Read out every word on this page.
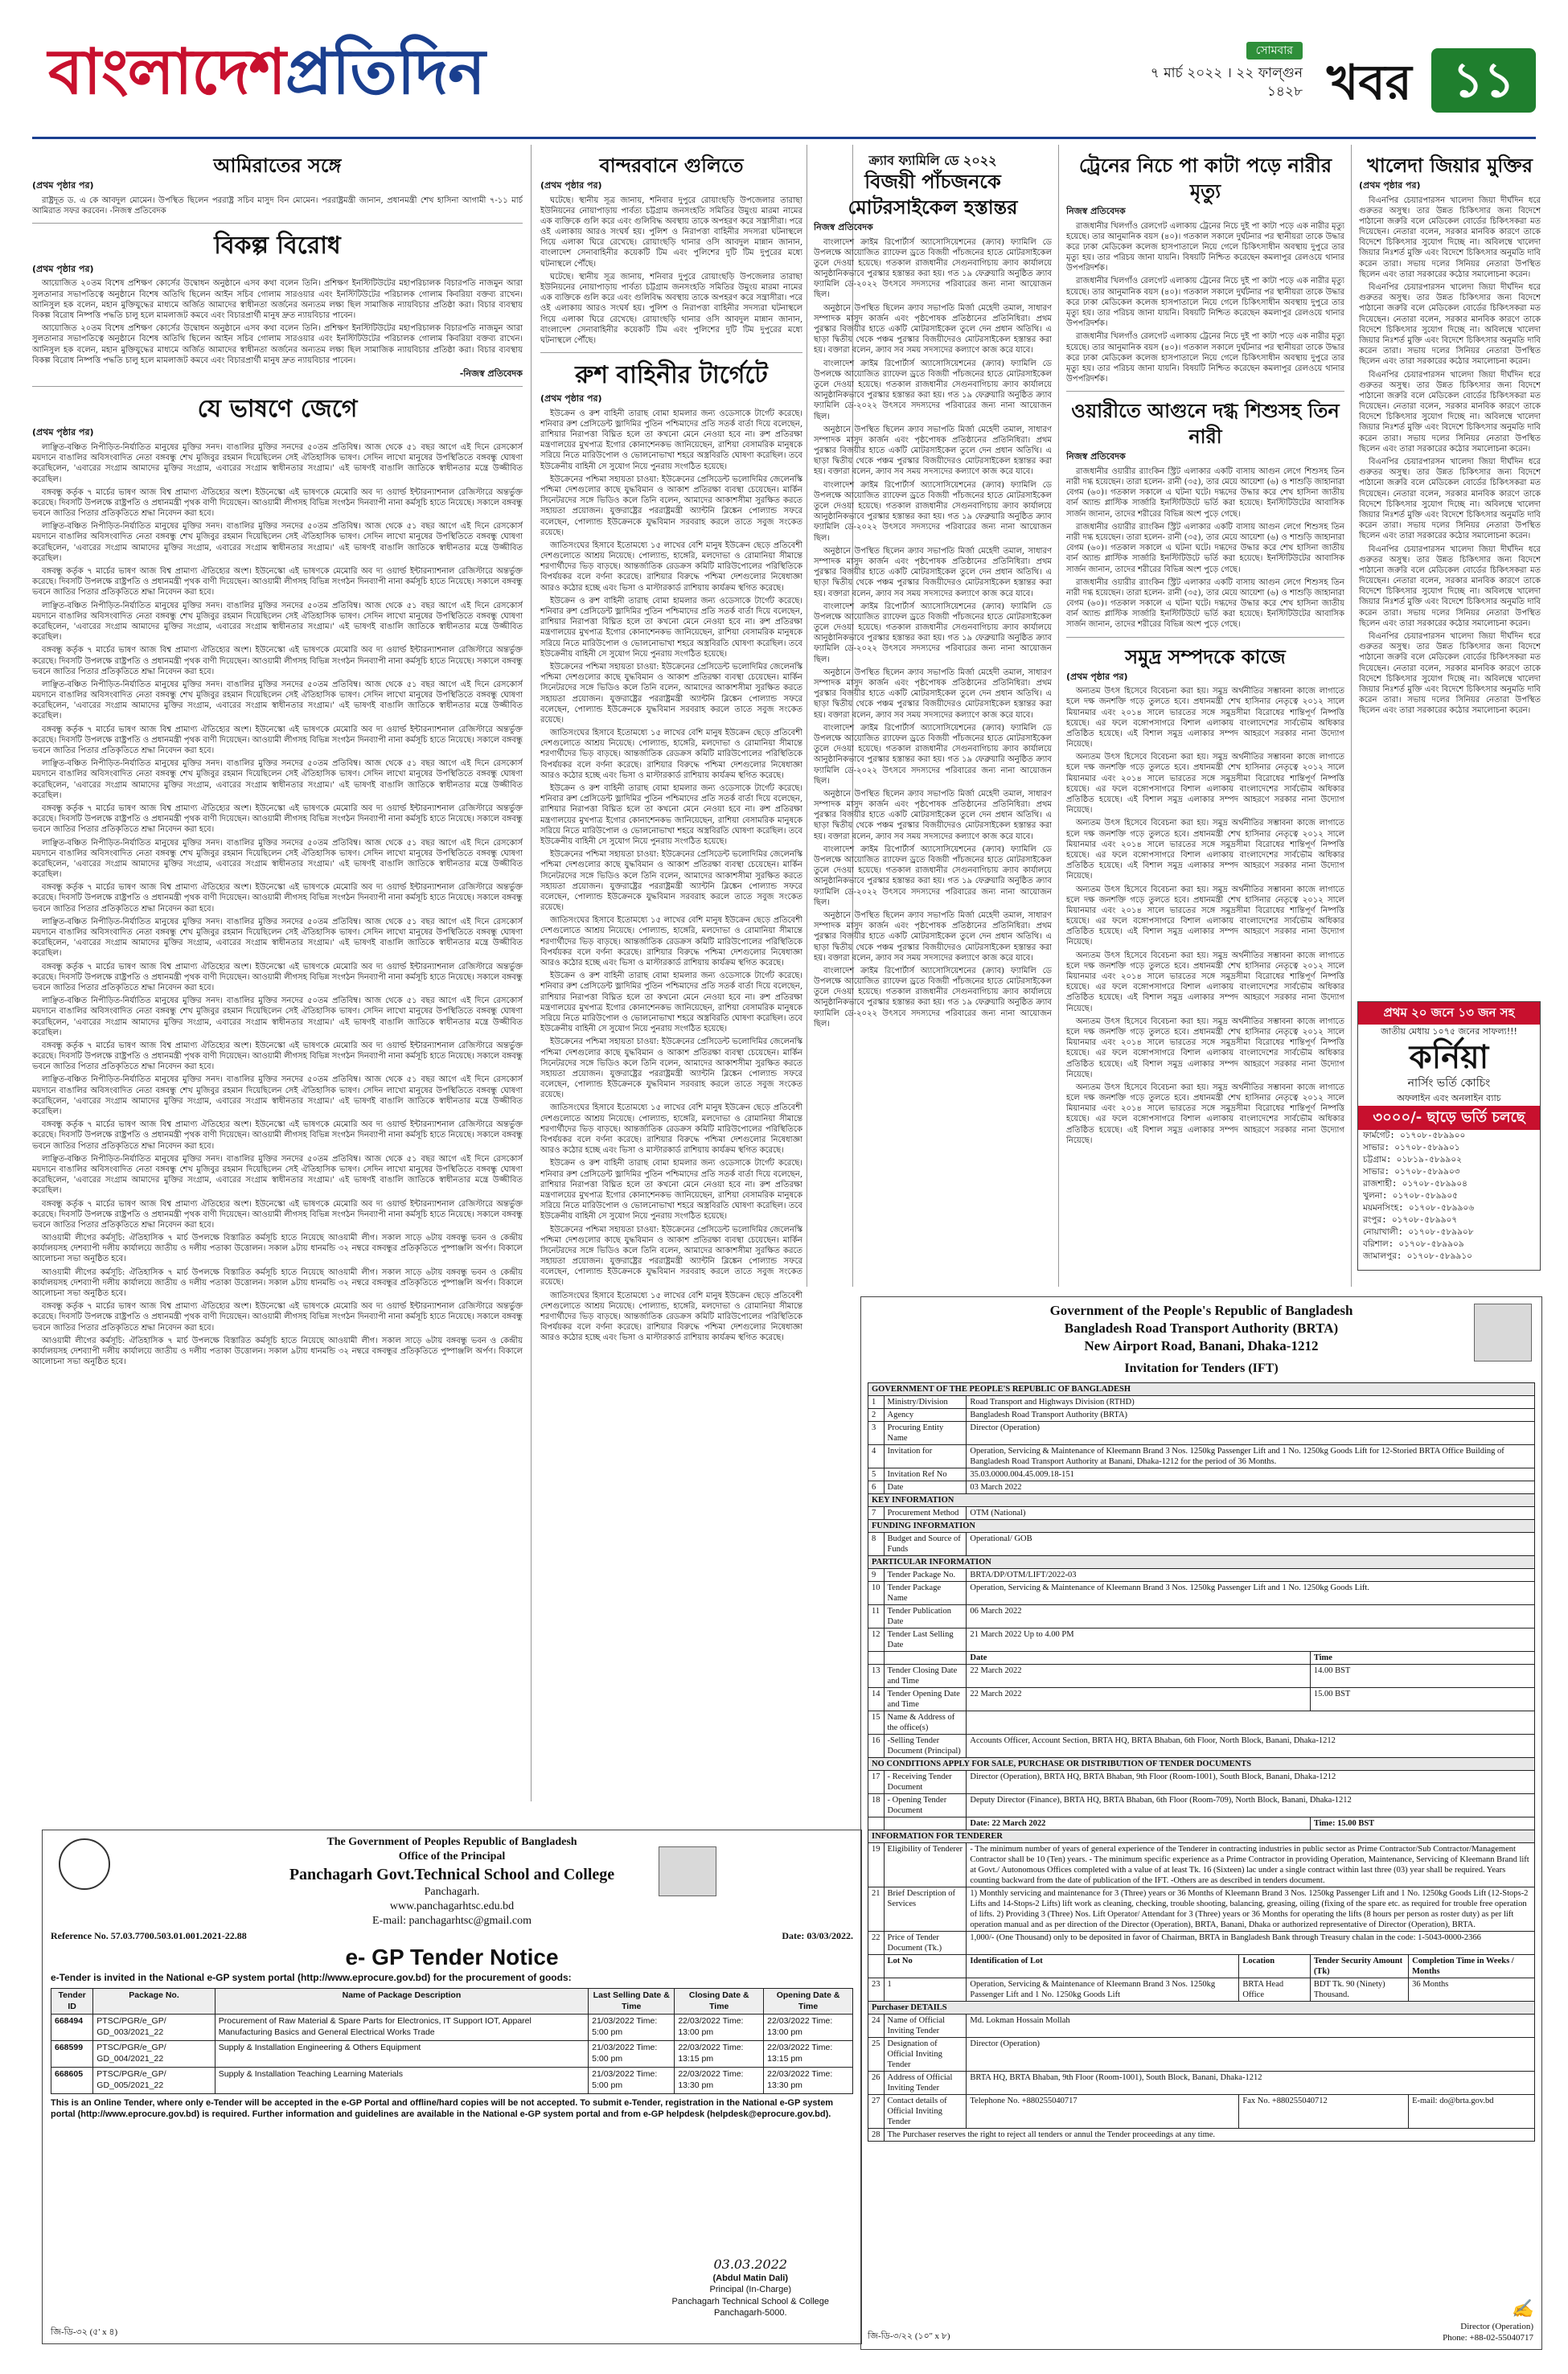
বাংলাদেশপ্রতিদিন	সোমবার
৭ মার্চ ২০২২ । ২২ ফাল্গুন ১৪২৮ খবর ১১
আমিরাতের সঙ্গে
(প্রথম পৃষ্ঠার পর)

রাষ্ট্রদূত ড. এ কে আবদুল মোমেন। উপস্থিত ছিলেন পররাষ্ট্র সচিব মাসুদ বিন মোমেন। পররাষ্ট্রমন্ত্রী জানান, প্রধানমন্ত্রী শেখ হাসিনা আগামী ৭-১১ মার্চ আমিরাত সফর করবেন। -নিজস্ব প্রতিবেদক

বিকল্প বিরোধ
(প্রথম পৃষ্ঠার পর)

আয়োজিত ২০তম বিশেষ প্রশিক্ষণ কোর্সের উদ্বোধন অনুষ্ঠানে এসব কথা বলেন তিনি। প্রশিক্ষণ ইনস্টিটিউটের মহাপরিচালক বিচারপতি নাজমুন আরা সুলতানার সভাপতিত্বে অনুষ্ঠানে বিশেষ অতিথি ছিলেন আইন সচিব গোলাম সারওয়ার এবং ইনস্টিটিউটের পরিচালক গোলাম কিবরিয়া বক্তব্য রাখেন। আনিসুল হক বলেন, মহান মুক্তিযুদ্ধের মাধ্যমে অর্জিত আমাদের স্বাধীনতা অর্জনের অন্যতম লক্ষ্য ছিল সামাজিক ন্যায়বিচার প্রতিষ্ঠা করা। বিচার ব্যবস্থায় বিকল্প বিরোধ নিষ্পত্তি পদ্ধতি চালু হলে মামলাজট কমবে এবং বিচারপ্রার্থী মানুষ দ্রুত ন্যায়বিচার পাবেন।

আয়োজিত ২০তম বিশেষ প্রশিক্ষণ কোর্সের উদ্বোধন অনুষ্ঠানে এসব কথা বলেন তিনি। প্রশিক্ষণ ইনস্টিটিউটের মহাপরিচালক বিচারপতি নাজমুন আরা সুলতানার সভাপতিত্বে অনুষ্ঠানে বিশেষ অতিথি ছিলেন আইন সচিব গোলাম সারওয়ার এবং ইনস্টিটিউটের পরিচালক গোলাম কিবরিয়া বক্তব্য রাখেন। আনিসুল হক বলেন, মহান মুক্তিযুদ্ধের মাধ্যমে অর্জিত আমাদের স্বাধীনতা অর্জনের অন্যতম লক্ষ্য ছিল সামাজিক ন্যায়বিচার প্রতিষ্ঠা করা। বিচার ব্যবস্থায় বিকল্প বিরোধ নিষ্পত্তি পদ্ধতি চালু হলে মামলাজট কমবে এবং বিচারপ্রার্থী মানুষ দ্রুত ন্যায়বিচার পাবেন।

-নিজস্ব প্রতিবেদক
যে ভাষণে জেগে
(প্রথম পৃষ্ঠার পর)

লাঞ্ছিত-বঞ্চিত নিপীড়িত-নির্যাতিত মানুষের মুক্তির সনদ। বাঙালির মুক্তির সনদের ৫০তম প্রতিবিম্ব। আজ থেকে ৫১ বছর আগে এই দিনে রেসকোর্স ময়দানে বাঙালির অবিসংবাদিত নেতা বঙ্গবন্ধু শেখ মুজিবুর রহমান দিয়েছিলেন সেই ঐতিহাসিক ভাষণ। সেদিন লাখো মানুষের উপস্থিতিতে বঙ্গবন্ধু ঘোষণা করেছিলেন, 'এবারের সংগ্রাম আমাদের মুক্তির সংগ্রাম, এবারের সংগ্রাম স্বাধীনতার সংগ্রাম।' এই ভাষণই বাঙালি জাতিকে স্বাধীনতার মন্ত্রে উজ্জীবিত করেছিল।

বঙ্গবন্ধু কর্তৃক ৭ মার্চের ভাষণ আজ বিশ্ব প্রামাণ্য ঐতিহ্যের অংশ। ইউনেস্কো এই ভাষণকে মেমোরি অব দ্য ওয়ার্ল্ড ইন্টারন্যাশনাল রেজিস্টারে অন্তর্ভুক্ত করেছে। দিবসটি উপলক্ষে রাষ্ট্রপতি ও প্রধানমন্ত্রী পৃথক বাণী দিয়েছেন। আওয়ামী লীগসহ বিভিন্ন সংগঠন দিনব্যাপী নানা কর্মসূচি হাতে নিয়েছে। সকালে বঙ্গবন্ধু ভবনে জাতির পিতার প্রতিকৃতিতে শ্রদ্ধা নিবেদন করা হবে।

লাঞ্ছিত-বঞ্চিত নিপীড়িত-নির্যাতিত মানুষের মুক্তির সনদ। বাঙালির মুক্তির সনদের ৫০তম প্রতিবিম্ব। আজ থেকে ৫১ বছর আগে এই দিনে রেসকোর্স ময়দানে বাঙালির অবিসংবাদিত নেতা বঙ্গবন্ধু শেখ মুজিবুর রহমান দিয়েছিলেন সেই ঐতিহাসিক ভাষণ। সেদিন লাখো মানুষের উপস্থিতিতে বঙ্গবন্ধু ঘোষণা করেছিলেন, 'এবারের সংগ্রাম আমাদের মুক্তির সংগ্রাম, এবারের সংগ্রাম স্বাধীনতার সংগ্রাম।' এই ভাষণই বাঙালি জাতিকে স্বাধীনতার মন্ত্রে উজ্জীবিত করেছিল।

বঙ্গবন্ধু কর্তৃক ৭ মার্চের ভাষণ আজ বিশ্ব প্রামাণ্য ঐতিহ্যের অংশ। ইউনেস্কো এই ভাষণকে মেমোরি অব দ্য ওয়ার্ল্ড ইন্টারন্যাশনাল রেজিস্টারে অন্তর্ভুক্ত করেছে। দিবসটি উপলক্ষে রাষ্ট্রপতি ও প্রধানমন্ত্রী পৃথক বাণী দিয়েছেন। আওয়ামী লীগসহ বিভিন্ন সংগঠন দিনব্যাপী নানা কর্মসূচি হাতে নিয়েছে। সকালে বঙ্গবন্ধু ভবনে জাতির পিতার প্রতিকৃতিতে শ্রদ্ধা নিবেদন করা হবে।

লাঞ্ছিত-বঞ্চিত নিপীড়িত-নির্যাতিত মানুষের মুক্তির সনদ। বাঙালির মুক্তির সনদের ৫০তম প্রতিবিম্ব। আজ থেকে ৫১ বছর আগে এই দিনে রেসকোর্স ময়দানে বাঙালির অবিসংবাদিত নেতা বঙ্গবন্ধু শেখ মুজিবুর রহমান দিয়েছিলেন সেই ঐতিহাসিক ভাষণ। সেদিন লাখো মানুষের উপস্থিতিতে বঙ্গবন্ধু ঘোষণা করেছিলেন, 'এবারের সংগ্রাম আমাদের মুক্তির সংগ্রাম, এবারের সংগ্রাম স্বাধীনতার সংগ্রাম।' এই ভাষণই বাঙালি জাতিকে স্বাধীনতার মন্ত্রে উজ্জীবিত করেছিল।

বঙ্গবন্ধু কর্তৃক ৭ মার্চের ভাষণ আজ বিশ্ব প্রামাণ্য ঐতিহ্যের অংশ। ইউনেস্কো এই ভাষণকে মেমোরি অব দ্য ওয়ার্ল্ড ইন্টারন্যাশনাল রেজিস্টারে অন্তর্ভুক্ত করেছে। দিবসটি উপলক্ষে রাষ্ট্রপতি ও প্রধানমন্ত্রী পৃথক বাণী দিয়েছেন। আওয়ামী লীগসহ বিভিন্ন সংগঠন দিনব্যাপী নানা কর্মসূচি হাতে নিয়েছে। সকালে বঙ্গবন্ধু ভবনে জাতির পিতার প্রতিকৃতিতে শ্রদ্ধা নিবেদন করা হবে।

লাঞ্ছিত-বঞ্চিত নিপীড়িত-নির্যাতিত মানুষের মুক্তির সনদ। বাঙালির মুক্তির সনদের ৫০তম প্রতিবিম্ব। আজ থেকে ৫১ বছর আগে এই দিনে রেসকোর্স ময়দানে বাঙালির অবিসংবাদিত নেতা বঙ্গবন্ধু শেখ মুজিবুর রহমান দিয়েছিলেন সেই ঐতিহাসিক ভাষণ। সেদিন লাখো মানুষের উপস্থিতিতে বঙ্গবন্ধু ঘোষণা করেছিলেন, 'এবারের সংগ্রাম আমাদের মুক্তির সংগ্রাম, এবারের সংগ্রাম স্বাধীনতার সংগ্রাম।' এই ভাষণই বাঙালি জাতিকে স্বাধীনতার মন্ত্রে উজ্জীবিত করেছিল।

বঙ্গবন্ধু কর্তৃক ৭ মার্চের ভাষণ আজ বিশ্ব প্রামাণ্য ঐতিহ্যের অংশ। ইউনেস্কো এই ভাষণকে মেমোরি অব দ্য ওয়ার্ল্ড ইন্টারন্যাশনাল রেজিস্টারে অন্তর্ভুক্ত করেছে। দিবসটি উপলক্ষে রাষ্ট্রপতি ও প্রধানমন্ত্রী পৃথক বাণী দিয়েছেন। আওয়ামী লীগসহ বিভিন্ন সংগঠন দিনব্যাপী নানা কর্মসূচি হাতে নিয়েছে। সকালে বঙ্গবন্ধু ভবনে জাতির পিতার প্রতিকৃতিতে শ্রদ্ধা নিবেদন করা হবে।

লাঞ্ছিত-বঞ্চিত নিপীড়িত-নির্যাতিত মানুষের মুক্তির সনদ। বাঙালির মুক্তির সনদের ৫০তম প্রতিবিম্ব। আজ থেকে ৫১ বছর আগে এই দিনে রেসকোর্স ময়দানে বাঙালির অবিসংবাদিত নেতা বঙ্গবন্ধু শেখ মুজিবুর রহমান দিয়েছিলেন সেই ঐতিহাসিক ভাষণ। সেদিন লাখো মানুষের উপস্থিতিতে বঙ্গবন্ধু ঘোষণা করেছিলেন, 'এবারের সংগ্রাম আমাদের মুক্তির সংগ্রাম, এবারের সংগ্রাম স্বাধীনতার সংগ্রাম।' এই ভাষণই বাঙালি জাতিকে স্বাধীনতার মন্ত্রে উজ্জীবিত করেছিল।

বঙ্গবন্ধু কর্তৃক ৭ মার্চের ভাষণ আজ বিশ্ব প্রামাণ্য ঐতিহ্যের অংশ। ইউনেস্কো এই ভাষণকে মেমোরি অব দ্য ওয়ার্ল্ড ইন্টারন্যাশনাল রেজিস্টারে অন্তর্ভুক্ত করেছে। দিবসটি উপলক্ষে রাষ্ট্রপতি ও প্রধানমন্ত্রী পৃথক বাণী দিয়েছেন। আওয়ামী লীগসহ বিভিন্ন সংগঠন দিনব্যাপী নানা কর্মসূচি হাতে নিয়েছে। সকালে বঙ্গবন্ধু ভবনে জাতির পিতার প্রতিকৃতিতে শ্রদ্ধা নিবেদন করা হবে।

লাঞ্ছিত-বঞ্চিত নিপীড়িত-নির্যাতিত মানুষের মুক্তির সনদ। বাঙালির মুক্তির সনদের ৫০তম প্রতিবিম্ব। আজ থেকে ৫১ বছর আগে এই দিনে রেসকোর্স ময়দানে বাঙালির অবিসংবাদিত নেতা বঙ্গবন্ধু শেখ মুজিবুর রহমান দিয়েছিলেন সেই ঐতিহাসিক ভাষণ। সেদিন লাখো মানুষের উপস্থিতিতে বঙ্গবন্ধু ঘোষণা করেছিলেন, 'এবারের সংগ্রাম আমাদের মুক্তির সংগ্রাম, এবারের সংগ্রাম স্বাধীনতার সংগ্রাম।' এই ভাষণই বাঙালি জাতিকে স্বাধীনতার মন্ত্রে উজ্জীবিত করেছিল।

বঙ্গবন্ধু কর্তৃক ৭ মার্চের ভাষণ আজ বিশ্ব প্রামাণ্য ঐতিহ্যের অংশ। ইউনেস্কো এই ভাষণকে মেমোরি অব দ্য ওয়ার্ল্ড ইন্টারন্যাশনাল রেজিস্টারে অন্তর্ভুক্ত করেছে। দিবসটি উপলক্ষে রাষ্ট্রপতি ও প্রধানমন্ত্রী পৃথক বাণী দিয়েছেন। আওয়ামী লীগসহ বিভিন্ন সংগঠন দিনব্যাপী নানা কর্মসূচি হাতে নিয়েছে। সকালে বঙ্গবন্ধু ভবনে জাতির পিতার প্রতিকৃতিতে শ্রদ্ধা নিবেদন করা হবে।

লাঞ্ছিত-বঞ্চিত নিপীড়িত-নির্যাতিত মানুষের মুক্তির সনদ। বাঙালির মুক্তির সনদের ৫০তম প্রতিবিম্ব। আজ থেকে ৫১ বছর আগে এই দিনে রেসকোর্স ময়দানে বাঙালির অবিসংবাদিত নেতা বঙ্গবন্ধু শেখ মুজিবুর রহমান দিয়েছিলেন সেই ঐতিহাসিক ভাষণ। সেদিন লাখো মানুষের উপস্থিতিতে বঙ্গবন্ধু ঘোষণা করেছিলেন, 'এবারের সংগ্রাম আমাদের মুক্তির সংগ্রাম, এবারের সংগ্রাম স্বাধীনতার সংগ্রাম।' এই ভাষণই বাঙালি জাতিকে স্বাধীনতার মন্ত্রে উজ্জীবিত করেছিল।

বঙ্গবন্ধু কর্তৃক ৭ মার্চের ভাষণ আজ বিশ্ব প্রামাণ্য ঐতিহ্যের অংশ। ইউনেস্কো এই ভাষণকে মেমোরি অব দ্য ওয়ার্ল্ড ইন্টারন্যাশনাল রেজিস্টারে অন্তর্ভুক্ত করেছে। দিবসটি উপলক্ষে রাষ্ট্রপতি ও প্রধানমন্ত্রী পৃথক বাণী দিয়েছেন। আওয়ামী লীগসহ বিভিন্ন সংগঠন দিনব্যাপী নানা কর্মসূচি হাতে নিয়েছে। সকালে বঙ্গবন্ধু ভবনে জাতির পিতার প্রতিকৃতিতে শ্রদ্ধা নিবেদন করা হবে।

লাঞ্ছিত-বঞ্চিত নিপীড়িত-নির্যাতিত মানুষের মুক্তির সনদ। বাঙালির মুক্তির সনদের ৫০তম প্রতিবিম্ব। আজ থেকে ৫১ বছর আগে এই দিনে রেসকোর্স ময়দানে বাঙালির অবিসংবাদিত নেতা বঙ্গবন্ধু শেখ মুজিবুর রহমান দিয়েছিলেন সেই ঐতিহাসিক ভাষণ। সেদিন লাখো মানুষের উপস্থিতিতে বঙ্গবন্ধু ঘোষণা করেছিলেন, 'এবারের সংগ্রাম আমাদের মুক্তির সংগ্রাম, এবারের সংগ্রাম স্বাধীনতার সংগ্রাম।' এই ভাষণই বাঙালি জাতিকে স্বাধীনতার মন্ত্রে উজ্জীবিত করেছিল।

বঙ্গবন্ধু কর্তৃক ৭ মার্চের ভাষণ আজ বিশ্ব প্রামাণ্য ঐতিহ্যের অংশ। ইউনেস্কো এই ভাষণকে মেমোরি অব দ্য ওয়ার্ল্ড ইন্টারন্যাশনাল রেজিস্টারে অন্তর্ভুক্ত করেছে। দিবসটি উপলক্ষে রাষ্ট্রপতি ও প্রধানমন্ত্রী পৃথক বাণী দিয়েছেন। আওয়ামী লীগসহ বিভিন্ন সংগঠন দিনব্যাপী নানা কর্মসূচি হাতে নিয়েছে। সকালে বঙ্গবন্ধু ভবনে জাতির পিতার প্রতিকৃতিতে শ্রদ্ধা নিবেদন করা হবে।

লাঞ্ছিত-বঞ্চিত নিপীড়িত-নির্যাতিত মানুষের মুক্তির সনদ। বাঙালির মুক্তির সনদের ৫০তম প্রতিবিম্ব। আজ থেকে ৫১ বছর আগে এই দিনে রেসকোর্স ময়দানে বাঙালির অবিসংবাদিত নেতা বঙ্গবন্ধু শেখ মুজিবুর রহমান দিয়েছিলেন সেই ঐতিহাসিক ভাষণ। সেদিন লাখো মানুষের উপস্থিতিতে বঙ্গবন্ধু ঘোষণা করেছিলেন, 'এবারের সংগ্রাম আমাদের মুক্তির সংগ্রাম, এবারের সংগ্রাম স্বাধীনতার সংগ্রাম।' এই ভাষণই বাঙালি জাতিকে স্বাধীনতার মন্ত্রে উজ্জীবিত করেছিল।

বঙ্গবন্ধু কর্তৃক ৭ মার্চের ভাষণ আজ বিশ্ব প্রামাণ্য ঐতিহ্যের অংশ। ইউনেস্কো এই ভাষণকে মেমোরি অব দ্য ওয়ার্ল্ড ইন্টারন্যাশনাল রেজিস্টারে অন্তর্ভুক্ত করেছে। দিবসটি উপলক্ষে রাষ্ট্রপতি ও প্রধানমন্ত্রী পৃথক বাণী দিয়েছেন। আওয়ামী লীগসহ বিভিন্ন সংগঠন দিনব্যাপী নানা কর্মসূচি হাতে নিয়েছে। সকালে বঙ্গবন্ধু ভবনে জাতির পিতার প্রতিকৃতিতে শ্রদ্ধা নিবেদন করা হবে।

লাঞ্ছিত-বঞ্চিত নিপীড়িত-নির্যাতিত মানুষের মুক্তির সনদ। বাঙালির মুক্তির সনদের ৫০তম প্রতিবিম্ব। আজ থেকে ৫১ বছর আগে এই দিনে রেসকোর্স ময়দানে বাঙালির অবিসংবাদিত নেতা বঙ্গবন্ধু শেখ মুজিবুর রহমান দিয়েছিলেন সেই ঐতিহাসিক ভাষণ। সেদিন লাখো মানুষের উপস্থিতিতে বঙ্গবন্ধু ঘোষণা করেছিলেন, 'এবারের সংগ্রাম আমাদের মুক্তির সংগ্রাম, এবারের সংগ্রাম স্বাধীনতার সংগ্রাম।' এই ভাষণই বাঙালি জাতিকে স্বাধীনতার মন্ত্রে উজ্জীবিত করেছিল।

বঙ্গবন্ধু কর্তৃক ৭ মার্চের ভাষণ আজ বিশ্ব প্রামাণ্য ঐতিহ্যের অংশ। ইউনেস্কো এই ভাষণকে মেমোরি অব দ্য ওয়ার্ল্ড ইন্টারন্যাশনাল রেজিস্টারে অন্তর্ভুক্ত করেছে। দিবসটি উপলক্ষে রাষ্ট্রপতি ও প্রধানমন্ত্রী পৃথক বাণী দিয়েছেন। আওয়ামী লীগসহ বিভিন্ন সংগঠন দিনব্যাপী নানা কর্মসূচি হাতে নিয়েছে। সকালে বঙ্গবন্ধু ভবনে জাতির পিতার প্রতিকৃতিতে শ্রদ্ধা নিবেদন করা হবে।

আওয়ামী লীগের কর্মসূচি: ঐতিহাসিক ৭ মার্চ উপলক্ষে বিস্তারিত কর্মসূচি হাতে নিয়েছে আওয়ামী লীগ। সকাল সাড়ে ৬টায় বঙ্গবন্ধু ভবন ও কেন্দ্রীয় কার্যালয়সহ দেশব্যাপী দলীয় কার্যালয়ে জাতীয় ও দলীয় পতাকা উত্তোলন। সকাল ৯টায় ধানমন্ডি ৩২ নম্বরে বঙ্গবন্ধুর প্রতিকৃতিতে পুষ্পাঞ্জলি অর্পণ। বিকালে আলোচনা সভা অনুষ্ঠিত হবে।

আওয়ামী লীগের কর্মসূচি: ঐতিহাসিক ৭ মার্চ উপলক্ষে বিস্তারিত কর্মসূচি হাতে নিয়েছে আওয়ামী লীগ। সকাল সাড়ে ৬টায় বঙ্গবন্ধু ভবন ও কেন্দ্রীয় কার্যালয়সহ দেশব্যাপী দলীয় কার্যালয়ে জাতীয় ও দলীয় পতাকা উত্তোলন। সকাল ৯টায় ধানমন্ডি ৩২ নম্বরে বঙ্গবন্ধুর প্রতিকৃতিতে পুষ্পাঞ্জলি অর্পণ। বিকালে আলোচনা সভা অনুষ্ঠিত হবে।

বঙ্গবন্ধু কর্তৃক ৭ মার্চের ভাষণ আজ বিশ্ব প্রামাণ্য ঐতিহ্যের অংশ। ইউনেস্কো এই ভাষণকে মেমোরি অব দ্য ওয়ার্ল্ড ইন্টারন্যাশনাল রেজিস্টারে অন্তর্ভুক্ত করেছে। দিবসটি উপলক্ষে রাষ্ট্রপতি ও প্রধানমন্ত্রী পৃথক বাণী দিয়েছেন। আওয়ামী লীগসহ বিভিন্ন সংগঠন দিনব্যাপী নানা কর্মসূচি হাতে নিয়েছে। সকালে বঙ্গবন্ধু ভবনে জাতির পিতার প্রতিকৃতিতে শ্রদ্ধা নিবেদন করা হবে।

আওয়ামী লীগের কর্মসূচি: ঐতিহাসিক ৭ মার্চ উপলক্ষে বিস্তারিত কর্মসূচি হাতে নিয়েছে আওয়ামী লীগ। সকাল সাড়ে ৬টায় বঙ্গবন্ধু ভবন ও কেন্দ্রীয় কার্যালয়সহ দেশব্যাপী দলীয় কার্যালয়ে জাতীয় ও দলীয় পতাকা উত্তোলন। সকাল ৯টায় ধানমন্ডি ৩২ নম্বরে বঙ্গবন্ধুর প্রতিকৃতিতে পুষ্পাঞ্জলি অর্পণ। বিকালে আলোচনা সভা অনুষ্ঠিত হবে।

বান্দরবানে গুলিতে
(প্রথম পৃষ্ঠার পর)

ঘটেছে। স্থানীয় সূত্র জানায়, শনিবার দুপুরে রোয়াংছড়ি উপজেলার তারাছা ইউনিয়নের নোয়াপাড়ায় পার্বত্য চট্টগ্রাম জনসংহতি সমিতির উমুংয় মারমা নামের এক ব্যক্তিকে গুলি করে এবং গুলিবিদ্ধ অবস্থায় তাকে অপহরণ করে সন্ত্রাসীরা। পরে ওই এলাকায় আরও সংঘর্ষ হয়। পুলিশ ও নিরাপত্তা বাহিনীর সদস্যরা ঘটনাস্থলে গিয়ে এলাকা ঘিরে রেখেছে। রোয়াংছড়ি থানার ওসি আবদুল মান্নান জানান, বাংলাদেশ সেনাবাহিনীর কয়েকটি টিম এবং পুলিশের দুটি টিম দুপুরের মধ্যে ঘটনাস্থলে পৌঁছে।

ঘটেছে। স্থানীয় সূত্র জানায়, শনিবার দুপুরে রোয়াংছড়ি উপজেলার তারাছা ইউনিয়নের নোয়াপাড়ায় পার্বত্য চট্টগ্রাম জনসংহতি সমিতির উমুংয় মারমা নামের এক ব্যক্তিকে গুলি করে এবং গুলিবিদ্ধ অবস্থায় তাকে অপহরণ করে সন্ত্রাসীরা। পরে ওই এলাকায় আরও সংঘর্ষ হয়। পুলিশ ও নিরাপত্তা বাহিনীর সদস্যরা ঘটনাস্থলে গিয়ে এলাকা ঘিরে রেখেছে। রোয়াংছড়ি থানার ওসি আবদুল মান্নান জানান, বাংলাদেশ সেনাবাহিনীর কয়েকটি টিম এবং পুলিশের দুটি টিম দুপুরের মধ্যে ঘটনাস্থলে পৌঁছে।

রুশ বাহিনীর টার্গেটে
(প্রথম পৃষ্ঠার পর)

ইউক্রেন ও রুশ বাহিনী তারাছ বোমা হামলার জন্য ওডেসাকে টার্গেট করেছে। শনিবার রুশ প্রেসিডেন্ট ভ্লাদিমির পুতিন পশ্চিমাদের প্রতি সতর্ক বার্তা দিয়ে বলেছেন, রাশিয়ার নিরাপত্তা বিঘ্নিত হলে তা কখনো মেনে নেওয়া হবে না। রুশ প্রতিরক্ষা মন্ত্রণালয়ের মুখপাত্র ইগোর কোনাশেনকভ জানিয়েছেন, রাশিয়া বেসামরিক মানুষকে সরিয়ে নিতে মারিউপোল ও ভোলনোভাখা শহরে অস্ত্রবিরতি ঘোষণা করেছিল। তবে ইউক্রেনীয় বাহিনী সে সুযোগ নিয়ে পুনরায় সংগঠিত হয়েছে।

ইউক্রেনের পশ্চিমা সহায়তা চাওয়া: ইউক্রেনের প্রেসিডেন্ট ভলোদিমির জেলেনস্কি পশ্চিমা দেশগুলোর কাছে যুদ্ধবিমান ও আকাশ প্রতিরক্ষা ব্যবস্থা চেয়েছেন। মার্কিন সিনেটরদের সঙ্গে ভিডিও কলে তিনি বলেন, আমাদের আকাশসীমা সুরক্ষিত করতে সহায়তা প্রয়োজন। যুক্তরাষ্ট্রের পররাষ্ট্রমন্ত্রী অ্যান্টনি ব্লিঙ্কেন পোল্যান্ড সফরে বলেছেন, পোল্যান্ড ইউক্রেনকে যুদ্ধবিমান সরবরাহ করলে তাতে সবুজ সংকেত রয়েছে।

জাতিসংঘের হিসাবে ইতোমধ্যে ১৫ লাখের বেশি মানুষ ইউক্রেন ছেড়ে প্রতিবেশী দেশগুলোতে আশ্রয় নিয়েছে। পোল্যান্ড, হাঙ্গেরি, মলদোভা ও রোমানিয়া সীমান্তে শরণার্থীদের ভিড় বাড়ছে। আন্তর্জাতিক রেডক্রস কমিটি মারিউপোলের পরিস্থিতিকে বিপর্যয়কর বলে বর্ণনা করেছে। রাশিয়ার বিরুদ্ধে পশ্চিমা দেশগুলোর নিষেধাজ্ঞা আরও কঠোর হচ্ছে এবং ভিসা ও মাস্টারকার্ড রাশিয়ায় কার্যক্রম স্থগিত করেছে।

ইউক্রেন ও রুশ বাহিনী তারাছ বোমা হামলার জন্য ওডেসাকে টার্গেট করেছে। শনিবার রুশ প্রেসিডেন্ট ভ্লাদিমির পুতিন পশ্চিমাদের প্রতি সতর্ক বার্তা দিয়ে বলেছেন, রাশিয়ার নিরাপত্তা বিঘ্নিত হলে তা কখনো মেনে নেওয়া হবে না। রুশ প্রতিরক্ষা মন্ত্রণালয়ের মুখপাত্র ইগোর কোনাশেনকভ জানিয়েছেন, রাশিয়া বেসামরিক মানুষকে সরিয়ে নিতে মারিউপোল ও ভোলনোভাখা শহরে অস্ত্রবিরতি ঘোষণা করেছিল। তবে ইউক্রেনীয় বাহিনী সে সুযোগ নিয়ে পুনরায় সংগঠিত হয়েছে।

ইউক্রেনের পশ্চিমা সহায়তা চাওয়া: ইউক্রেনের প্রেসিডেন্ট ভলোদিমির জেলেনস্কি পশ্চিমা দেশগুলোর কাছে যুদ্ধবিমান ও আকাশ প্রতিরক্ষা ব্যবস্থা চেয়েছেন। মার্কিন সিনেটরদের সঙ্গে ভিডিও কলে তিনি বলেন, আমাদের আকাশসীমা সুরক্ষিত করতে সহায়তা প্রয়োজন। যুক্তরাষ্ট্রের পররাষ্ট্রমন্ত্রী অ্যান্টনি ব্লিঙ্কেন পোল্যান্ড সফরে বলেছেন, পোল্যান্ড ইউক্রেনকে যুদ্ধবিমান সরবরাহ করলে তাতে সবুজ সংকেত রয়েছে।

জাতিসংঘের হিসাবে ইতোমধ্যে ১৫ লাখের বেশি মানুষ ইউক্রেন ছেড়ে প্রতিবেশী দেশগুলোতে আশ্রয় নিয়েছে। পোল্যান্ড, হাঙ্গেরি, মলদোভা ও রোমানিয়া সীমান্তে শরণার্থীদের ভিড় বাড়ছে। আন্তর্জাতিক রেডক্রস কমিটি মারিউপোলের পরিস্থিতিকে বিপর্যয়কর বলে বর্ণনা করেছে। রাশিয়ার বিরুদ্ধে পশ্চিমা দেশগুলোর নিষেধাজ্ঞা আরও কঠোর হচ্ছে এবং ভিসা ও মাস্টারকার্ড রাশিয়ায় কার্যক্রম স্থগিত করেছে।

ইউক্রেন ও রুশ বাহিনী তারাছ বোমা হামলার জন্য ওডেসাকে টার্গেট করেছে। শনিবার রুশ প্রেসিডেন্ট ভ্লাদিমির পুতিন পশ্চিমাদের প্রতি সতর্ক বার্তা দিয়ে বলেছেন, রাশিয়ার নিরাপত্তা বিঘ্নিত হলে তা কখনো মেনে নেওয়া হবে না। রুশ প্রতিরক্ষা মন্ত্রণালয়ের মুখপাত্র ইগোর কোনাশেনকভ জানিয়েছেন, রাশিয়া বেসামরিক মানুষকে সরিয়ে নিতে মারিউপোল ও ভোলনোভাখা শহরে অস্ত্রবিরতি ঘোষণা করেছিল। তবে ইউক্রেনীয় বাহিনী সে সুযোগ নিয়ে পুনরায় সংগঠিত হয়েছে।

ইউক্রেনের পশ্চিমা সহায়তা চাওয়া: ইউক্রেনের প্রেসিডেন্ট ভলোদিমির জেলেনস্কি পশ্চিমা দেশগুলোর কাছে যুদ্ধবিমান ও আকাশ প্রতিরক্ষা ব্যবস্থা চেয়েছেন। মার্কিন সিনেটরদের সঙ্গে ভিডিও কলে তিনি বলেন, আমাদের আকাশসীমা সুরক্ষিত করতে সহায়তা প্রয়োজন। যুক্তরাষ্ট্রের পররাষ্ট্রমন্ত্রী অ্যান্টনি ব্লিঙ্কেন পোল্যান্ড সফরে বলেছেন, পোল্যান্ড ইউক্রেনকে যুদ্ধবিমান সরবরাহ করলে তাতে সবুজ সংকেত রয়েছে।

জাতিসংঘের হিসাবে ইতোমধ্যে ১৫ লাখের বেশি মানুষ ইউক্রেন ছেড়ে প্রতিবেশী দেশগুলোতে আশ্রয় নিয়েছে। পোল্যান্ড, হাঙ্গেরি, মলদোভা ও রোমানিয়া সীমান্তে শরণার্থীদের ভিড় বাড়ছে। আন্তর্জাতিক রেডক্রস কমিটি মারিউপোলের পরিস্থিতিকে বিপর্যয়কর বলে বর্ণনা করেছে। রাশিয়ার বিরুদ্ধে পশ্চিমা দেশগুলোর নিষেধাজ্ঞা আরও কঠোর হচ্ছে এবং ভিসা ও মাস্টারকার্ড রাশিয়ায় কার্যক্রম স্থগিত করেছে।

ইউক্রেন ও রুশ বাহিনী তারাছ বোমা হামলার জন্য ওডেসাকে টার্গেট করেছে। শনিবার রুশ প্রেসিডেন্ট ভ্লাদিমির পুতিন পশ্চিমাদের প্রতি সতর্ক বার্তা দিয়ে বলেছেন, রাশিয়ার নিরাপত্তা বিঘ্নিত হলে তা কখনো মেনে নেওয়া হবে না। রুশ প্রতিরক্ষা মন্ত্রণালয়ের মুখপাত্র ইগোর কোনাশেনকভ জানিয়েছেন, রাশিয়া বেসামরিক মানুষকে সরিয়ে নিতে মারিউপোল ও ভোলনোভাখা শহরে অস্ত্রবিরতি ঘোষণা করেছিল। তবে ইউক্রেনীয় বাহিনী সে সুযোগ নিয়ে পুনরায় সংগঠিত হয়েছে।

ইউক্রেনের পশ্চিমা সহায়তা চাওয়া: ইউক্রেনের প্রেসিডেন্ট ভলোদিমির জেলেনস্কি পশ্চিমা দেশগুলোর কাছে যুদ্ধবিমান ও আকাশ প্রতিরক্ষা ব্যবস্থা চেয়েছেন। মার্কিন সিনেটরদের সঙ্গে ভিডিও কলে তিনি বলেন, আমাদের আকাশসীমা সুরক্ষিত করতে সহায়তা প্রয়োজন। যুক্তরাষ্ট্রের পররাষ্ট্রমন্ত্রী অ্যান্টনি ব্লিঙ্কেন পোল্যান্ড সফরে বলেছেন, পোল্যান্ড ইউক্রেনকে যুদ্ধবিমান সরবরাহ করলে তাতে সবুজ সংকেত রয়েছে।

জাতিসংঘের হিসাবে ইতোমধ্যে ১৫ লাখের বেশি মানুষ ইউক্রেন ছেড়ে প্রতিবেশী দেশগুলোতে আশ্রয় নিয়েছে। পোল্যান্ড, হাঙ্গেরি, মলদোভা ও রোমানিয়া সীমান্তে শরণার্থীদের ভিড় বাড়ছে। আন্তর্জাতিক রেডক্রস কমিটি মারিউপোলের পরিস্থিতিকে বিপর্যয়কর বলে বর্ণনা করেছে। রাশিয়ার বিরুদ্ধে পশ্চিমা দেশগুলোর নিষেধাজ্ঞা আরও কঠোর হচ্ছে এবং ভিসা ও মাস্টারকার্ড রাশিয়ায় কার্যক্রম স্থগিত করেছে।

ইউক্রেন ও রুশ বাহিনী তারাছ বোমা হামলার জন্য ওডেসাকে টার্গেট করেছে। শনিবার রুশ প্রেসিডেন্ট ভ্লাদিমির পুতিন পশ্চিমাদের প্রতি সতর্ক বার্তা দিয়ে বলেছেন, রাশিয়ার নিরাপত্তা বিঘ্নিত হলে তা কখনো মেনে নেওয়া হবে না। রুশ প্রতিরক্ষা মন্ত্রণালয়ের মুখপাত্র ইগোর কোনাশেনকভ জানিয়েছেন, রাশিয়া বেসামরিক মানুষকে সরিয়ে নিতে মারিউপোল ও ভোলনোভাখা শহরে অস্ত্রবিরতি ঘোষণা করেছিল। তবে ইউক্রেনীয় বাহিনী সে সুযোগ নিয়ে পুনরায় সংগঠিত হয়েছে।

ইউক্রেনের পশ্চিমা সহায়তা চাওয়া: ইউক্রেনের প্রেসিডেন্ট ভলোদিমির জেলেনস্কি পশ্চিমা দেশগুলোর কাছে যুদ্ধবিমান ও আকাশ প্রতিরক্ষা ব্যবস্থা চেয়েছেন। মার্কিন সিনেটরদের সঙ্গে ভিডিও কলে তিনি বলেন, আমাদের আকাশসীমা সুরক্ষিত করতে সহায়তা প্রয়োজন। যুক্তরাষ্ট্রের পররাষ্ট্রমন্ত্রী অ্যান্টনি ব্লিঙ্কেন পোল্যান্ড সফরে বলেছেন, পোল্যান্ড ইউক্রেনকে যুদ্ধবিমান সরবরাহ করলে তাতে সবুজ সংকেত রয়েছে।

জাতিসংঘের হিসাবে ইতোমধ্যে ১৫ লাখের বেশি মানুষ ইউক্রেন ছেড়ে প্রতিবেশী দেশগুলোতে আশ্রয় নিয়েছে। পোল্যান্ড, হাঙ্গেরি, মলদোভা ও রোমানিয়া সীমান্তে শরণার্থীদের ভিড় বাড়ছে। আন্তর্জাতিক রেডক্রস কমিটি মারিউপোলের পরিস্থিতিকে বিপর্যয়কর বলে বর্ণনা করেছে। রাশিয়ার বিরুদ্ধে পশ্চিমা দেশগুলোর নিষেধাজ্ঞা আরও কঠোর হচ্ছে এবং ভিসা ও মাস্টারকার্ড রাশিয়ায় কার্যক্রম স্থগিত করেছে।

ক্র্যাব ফ্যামিলি ডে ২০২২
বিজয়ী পাঁচজনকে মোটরসাইকেল হস্তান্তর
নিজস্ব প্রতিবেদক

বাংলাদেশ ক্রাইম রিপোর্টার্স অ্যাসোসিয়েশনের (ক্র্যাব) ফ্যামিলি ডে উপলক্ষে আয়োজিত র‍্যাফেল ড্রতে বিজয়ী পাঁচজনের হাতে মোটরসাইকেল তুলে দেওয়া হয়েছে। গতকাল রাজধানীর সেগুনবাগিচায় ক্র্যাব কার্যালয়ে আনুষ্ঠানিকভাবে পুরস্কার হস্তান্তর করা হয়। গত ১৯ ফেব্রুয়ারি অনুষ্ঠিত ক্র্যাব ফ্যামিলি ডে-২০২২ উৎসবে সদস্যদের পরিবারের জন্য নানা আয়োজন ছিল।

অনুষ্ঠানে উপস্থিত ছিলেন ক্র্যাব সভাপতি মির্জা মেহেদী তমাল, সাধারণ সম্পাদক মাসুদ কার্জন এবং পৃষ্ঠপোষক প্রতিষ্ঠানের প্রতিনিধিরা। প্রথম পুরস্কার বিজয়ীর হাতে একটি মোটরসাইকেল তুলে দেন প্রধান অতিথি। এ ছাড়া দ্বিতীয় থেকে পঞ্চম পুরস্কার বিজয়ীদেরও মোটরসাইকেল হস্তান্তর করা হয়। বক্তারা বলেন, ক্র্যাব সব সময় সদস্যদের কল্যাণে কাজ করে যাবে।

বাংলাদেশ ক্রাইম রিপোর্টার্স অ্যাসোসিয়েশনের (ক্র্যাব) ফ্যামিলি ডে উপলক্ষে আয়োজিত র‍্যাফেল ড্রতে বিজয়ী পাঁচজনের হাতে মোটরসাইকেল তুলে দেওয়া হয়েছে। গতকাল রাজধানীর সেগুনবাগিচায় ক্র্যাব কার্যালয়ে আনুষ্ঠানিকভাবে পুরস্কার হস্তান্তর করা হয়। গত ১৯ ফেব্রুয়ারি অনুষ্ঠিত ক্র্যাব ফ্যামিলি ডে-২০২২ উৎসবে সদস্যদের পরিবারের জন্য নানা আয়োজন ছিল।

অনুষ্ঠানে উপস্থিত ছিলেন ক্র্যাব সভাপতি মির্জা মেহেদী তমাল, সাধারণ সম্পাদক মাসুদ কার্জন এবং পৃষ্ঠপোষক প্রতিষ্ঠানের প্রতিনিধিরা। প্রথম পুরস্কার বিজয়ীর হাতে একটি মোটরসাইকেল তুলে দেন প্রধান অতিথি। এ ছাড়া দ্বিতীয় থেকে পঞ্চম পুরস্কার বিজয়ীদেরও মোটরসাইকেল হস্তান্তর করা হয়। বক্তারা বলেন, ক্র্যাব সব সময় সদস্যদের কল্যাণে কাজ করে যাবে।

বাংলাদেশ ক্রাইম রিপোর্টার্স অ্যাসোসিয়েশনের (ক্র্যাব) ফ্যামিলি ডে উপলক্ষে আয়োজিত র‍্যাফেল ড্রতে বিজয়ী পাঁচজনের হাতে মোটরসাইকেল তুলে দেওয়া হয়েছে। গতকাল রাজধানীর সেগুনবাগিচায় ক্র্যাব কার্যালয়ে আনুষ্ঠানিকভাবে পুরস্কার হস্তান্তর করা হয়। গত ১৯ ফেব্রুয়ারি অনুষ্ঠিত ক্র্যাব ফ্যামিলি ডে-২০২২ উৎসবে সদস্যদের পরিবারের জন্য নানা আয়োজন ছিল।

অনুষ্ঠানে উপস্থিত ছিলেন ক্র্যাব সভাপতি মির্জা মেহেদী তমাল, সাধারণ সম্পাদক মাসুদ কার্জন এবং পৃষ্ঠপোষক প্রতিষ্ঠানের প্রতিনিধিরা। প্রথম পুরস্কার বিজয়ীর হাতে একটি মোটরসাইকেল তুলে দেন প্রধান অতিথি। এ ছাড়া দ্বিতীয় থেকে পঞ্চম পুরস্কার বিজয়ীদেরও মোটরসাইকেল হস্তান্তর করা হয়। বক্তারা বলেন, ক্র্যাব সব সময় সদস্যদের কল্যাণে কাজ করে যাবে।

বাংলাদেশ ক্রাইম রিপোর্টার্স অ্যাসোসিয়েশনের (ক্র্যাব) ফ্যামিলি ডে উপলক্ষে আয়োজিত র‍্যাফেল ড্রতে বিজয়ী পাঁচজনের হাতে মোটরসাইকেল তুলে দেওয়া হয়েছে। গতকাল রাজধানীর সেগুনবাগিচায় ক্র্যাব কার্যালয়ে আনুষ্ঠানিকভাবে পুরস্কার হস্তান্তর করা হয়। গত ১৯ ফেব্রুয়ারি অনুষ্ঠিত ক্র্যাব ফ্যামিলি ডে-২০২২ উৎসবে সদস্যদের পরিবারের জন্য নানা আয়োজন ছিল।

অনুষ্ঠানে উপস্থিত ছিলেন ক্র্যাব সভাপতি মির্জা মেহেদী তমাল, সাধারণ সম্পাদক মাসুদ কার্জন এবং পৃষ্ঠপোষক প্রতিষ্ঠানের প্রতিনিধিরা। প্রথম পুরস্কার বিজয়ীর হাতে একটি মোটরসাইকেল তুলে দেন প্রধান অতিথি। এ ছাড়া দ্বিতীয় থেকে পঞ্চম পুরস্কার বিজয়ীদেরও মোটরসাইকেল হস্তান্তর করা হয়। বক্তারা বলেন, ক্র্যাব সব সময় সদস্যদের কল্যাণে কাজ করে যাবে।

বাংলাদেশ ক্রাইম রিপোর্টার্স অ্যাসোসিয়েশনের (ক্র্যাব) ফ্যামিলি ডে উপলক্ষে আয়োজিত র‍্যাফেল ড্রতে বিজয়ী পাঁচজনের হাতে মোটরসাইকেল তুলে দেওয়া হয়েছে। গতকাল রাজধানীর সেগুনবাগিচায় ক্র্যাব কার্যালয়ে আনুষ্ঠানিকভাবে পুরস্কার হস্তান্তর করা হয়। গত ১৯ ফেব্রুয়ারি অনুষ্ঠিত ক্র্যাব ফ্যামিলি ডে-২০২২ উৎসবে সদস্যদের পরিবারের জন্য নানা আয়োজন ছিল।

অনুষ্ঠানে উপস্থিত ছিলেন ক্র্যাব সভাপতি মির্জা মেহেদী তমাল, সাধারণ সম্পাদক মাসুদ কার্জন এবং পৃষ্ঠপোষক প্রতিষ্ঠানের প্রতিনিধিরা। প্রথম পুরস্কার বিজয়ীর হাতে একটি মোটরসাইকেল তুলে দেন প্রধান অতিথি। এ ছাড়া দ্বিতীয় থেকে পঞ্চম পুরস্কার বিজয়ীদেরও মোটরসাইকেল হস্তান্তর করা হয়। বক্তারা বলেন, ক্র্যাব সব সময় সদস্যদের কল্যাণে কাজ করে যাবে।

বাংলাদেশ ক্রাইম রিপোর্টার্স অ্যাসোসিয়েশনের (ক্র্যাব) ফ্যামিলি ডে উপলক্ষে আয়োজিত র‍্যাফেল ড্রতে বিজয়ী পাঁচজনের হাতে মোটরসাইকেল তুলে দেওয়া হয়েছে। গতকাল রাজধানীর সেগুনবাগিচায় ক্র্যাব কার্যালয়ে আনুষ্ঠানিকভাবে পুরস্কার হস্তান্তর করা হয়। গত ১৯ ফেব্রুয়ারি অনুষ্ঠিত ক্র্যাব ফ্যামিলি ডে-২০২২ উৎসবে সদস্যদের পরিবারের জন্য নানা আয়োজন ছিল।

অনুষ্ঠানে উপস্থিত ছিলেন ক্র্যাব সভাপতি মির্জা মেহেদী তমাল, সাধারণ সম্পাদক মাসুদ কার্জন এবং পৃষ্ঠপোষক প্রতিষ্ঠানের প্রতিনিধিরা। প্রথম পুরস্কার বিজয়ীর হাতে একটি মোটরসাইকেল তুলে দেন প্রধান অতিথি। এ ছাড়া দ্বিতীয় থেকে পঞ্চম পুরস্কার বিজয়ীদেরও মোটরসাইকেল হস্তান্তর করা হয়। বক্তারা বলেন, ক্র্যাব সব সময় সদস্যদের কল্যাণে কাজ করে যাবে।

বাংলাদেশ ক্রাইম রিপোর্টার্স অ্যাসোসিয়েশনের (ক্র্যাব) ফ্যামিলি ডে উপলক্ষে আয়োজিত র‍্যাফেল ড্রতে বিজয়ী পাঁচজনের হাতে মোটরসাইকেল তুলে দেওয়া হয়েছে। গতকাল রাজধানীর সেগুনবাগিচায় ক্র্যাব কার্যালয়ে আনুষ্ঠানিকভাবে পুরস্কার হস্তান্তর করা হয়। গত ১৯ ফেব্রুয়ারি অনুষ্ঠিত ক্র্যাব ফ্যামিলি ডে-২০২২ উৎসবে সদস্যদের পরিবারের জন্য নানা আয়োজন ছিল।

ট্রেনের নিচে পা কাটা পড়ে নারীর মৃত্যু
নিজস্ব প্রতিবেদক

রাজধানীর খিলগাঁও রেলগেট এলাকায় ট্রেনের নিচে দুই পা কাটা পড়ে এক নারীর মৃত্যু হয়েছে। তার আনুমানিক বয়স (৪০)। গতকাল সকালে দুর্ঘটনার পর স্থানীয়রা তাকে উদ্ধার করে ঢাকা মেডিকেল কলেজ হাসপাতালে নিয়ে গেলে চিকিৎসাধীন অবস্থায় দুপুরে তার মৃত্যু হয়। তার পরিচয় জানা যায়নি। বিষয়টি নিশ্চিত করেছেন কমলাপুর রেলওয়ে থানার উপপরিদর্শক।

রাজধানীর খিলগাঁও রেলগেট এলাকায় ট্রেনের নিচে দুই পা কাটা পড়ে এক নারীর মৃত্যু হয়েছে। তার আনুমানিক বয়স (৪০)। গতকাল সকালে দুর্ঘটনার পর স্থানীয়রা তাকে উদ্ধার করে ঢাকা মেডিকেল কলেজ হাসপাতালে নিয়ে গেলে চিকিৎসাধীন অবস্থায় দুপুরে তার মৃত্যু হয়। তার পরিচয় জানা যায়নি। বিষয়টি নিশ্চিত করেছেন কমলাপুর রেলওয়ে থানার উপপরিদর্শক।

রাজধানীর খিলগাঁও রেলগেট এলাকায় ট্রেনের নিচে দুই পা কাটা পড়ে এক নারীর মৃত্যু হয়েছে। তার আনুমানিক বয়স (৪০)। গতকাল সকালে দুর্ঘটনার পর স্থানীয়রা তাকে উদ্ধার করে ঢাকা মেডিকেল কলেজ হাসপাতালে নিয়ে গেলে চিকিৎসাধীন অবস্থায় দুপুরে তার মৃত্যু হয়। তার পরিচয় জানা যায়নি। বিষয়টি নিশ্চিত করেছেন কমলাপুর রেলওয়ে থানার উপপরিদর্শক।

ওয়ারীতে আগুনে দগ্ধ শিশুসহ তিন নারী
নিজস্ব প্রতিবেদক

রাজধানীর ওয়ারীর র‍্যাংকিন স্ট্রিট এলাকার একটি বাসায় আগুন লেগে শিশুসহ তিন নারী দগ্ধ হয়েছেন। তারা হলেন- রানী (৩৫), তার মেয়ে আয়েশা (৬) ও শাশুড়ি জাহানারা বেগম (৬০)। গতকাল সকালে এ ঘটনা ঘটে। দগ্ধদের উদ্ধার করে শেখ হাসিনা জাতীয় বার্ন অ্যান্ড প্লাস্টিক সার্জারি ইনস্টিটিউটে ভর্তি করা হয়েছে। ইনস্টিটিউটের আবাসিক সার্জন জানান, তাদের শরীরের বিভিন্ন অংশ পুড়ে গেছে।

রাজধানীর ওয়ারীর র‍্যাংকিন স্ট্রিট এলাকার একটি বাসায় আগুন লেগে শিশুসহ তিন নারী দগ্ধ হয়েছেন। তারা হলেন- রানী (৩৫), তার মেয়ে আয়েশা (৬) ও শাশুড়ি জাহানারা বেগম (৬০)। গতকাল সকালে এ ঘটনা ঘটে। দগ্ধদের উদ্ধার করে শেখ হাসিনা জাতীয় বার্ন অ্যান্ড প্লাস্টিক সার্জারি ইনস্টিটিউটে ভর্তি করা হয়েছে। ইনস্টিটিউটের আবাসিক সার্জন জানান, তাদের শরীরের বিভিন্ন অংশ পুড়ে গেছে।

রাজধানীর ওয়ারীর র‍্যাংকিন স্ট্রিট এলাকার একটি বাসায় আগুন লেগে শিশুসহ তিন নারী দগ্ধ হয়েছেন। তারা হলেন- রানী (৩৫), তার মেয়ে আয়েশা (৬) ও শাশুড়ি জাহানারা বেগম (৬০)। গতকাল সকালে এ ঘটনা ঘটে। দগ্ধদের উদ্ধার করে শেখ হাসিনা জাতীয় বার্ন অ্যান্ড প্লাস্টিক সার্জারি ইনস্টিটিউটে ভর্তি করা হয়েছে। ইনস্টিটিউটের আবাসিক সার্জন জানান, তাদের শরীরের বিভিন্ন অংশ পুড়ে গেছে।

সমুদ্র সম্পদকে কাজে
(প্রথম পৃষ্ঠার পর)

অন্যতম উৎস হিসেবে বিবেচনা করা হয়। সমুদ্র অর্থনীতির সম্ভাবনা কাজে লাগাতে হলে দক্ষ জনশক্তি গড়ে তুলতে হবে। প্রধানমন্ত্রী শেখ হাসিনার নেতৃত্বে ২০১২ সালে মিয়ানমার এবং ২০১৪ সালে ভারতের সঙ্গে সমুদ্রসীমা বিরোধের শান্তিপূর্ণ নিষ্পত্তি হয়েছে। এর ফলে বঙ্গোপসাগরে বিশাল এলাকায় বাংলাদেশের সার্বভৌম অধিকার প্রতিষ্ঠিত হয়েছে। এই বিশাল সমুদ্র এলাকার সম্পদ আহরণে সরকার নানা উদ্যোগ নিয়েছে।

অন্যতম উৎস হিসেবে বিবেচনা করা হয়। সমুদ্র অর্থনীতির সম্ভাবনা কাজে লাগাতে হলে দক্ষ জনশক্তি গড়ে তুলতে হবে। প্রধানমন্ত্রী শেখ হাসিনার নেতৃত্বে ২০১২ সালে মিয়ানমার এবং ২০১৪ সালে ভারতের সঙ্গে সমুদ্রসীমা বিরোধের শান্তিপূর্ণ নিষ্পত্তি হয়েছে। এর ফলে বঙ্গোপসাগরে বিশাল এলাকায় বাংলাদেশের সার্বভৌম অধিকার প্রতিষ্ঠিত হয়েছে। এই বিশাল সমুদ্র এলাকার সম্পদ আহরণে সরকার নানা উদ্যোগ নিয়েছে।

অন্যতম উৎস হিসেবে বিবেচনা করা হয়। সমুদ্র অর্থনীতির সম্ভাবনা কাজে লাগাতে হলে দক্ষ জনশক্তি গড়ে তুলতে হবে। প্রধানমন্ত্রী শেখ হাসিনার নেতৃত্বে ২০১২ সালে মিয়ানমার এবং ২০১৪ সালে ভারতের সঙ্গে সমুদ্রসীমা বিরোধের শান্তিপূর্ণ নিষ্পত্তি হয়েছে। এর ফলে বঙ্গোপসাগরে বিশাল এলাকায় বাংলাদেশের সার্বভৌম অধিকার প্রতিষ্ঠিত হয়েছে। এই বিশাল সমুদ্র এলাকার সম্পদ আহরণে সরকার নানা উদ্যোগ নিয়েছে।

অন্যতম উৎস হিসেবে বিবেচনা করা হয়। সমুদ্র অর্থনীতির সম্ভাবনা কাজে লাগাতে হলে দক্ষ জনশক্তি গড়ে তুলতে হবে। প্রধানমন্ত্রী শেখ হাসিনার নেতৃত্বে ২০১২ সালে মিয়ানমার এবং ২০১৪ সালে ভারতের সঙ্গে সমুদ্রসীমা বিরোধের শান্তিপূর্ণ নিষ্পত্তি হয়েছে। এর ফলে বঙ্গোপসাগরে বিশাল এলাকায় বাংলাদেশের সার্বভৌম অধিকার প্রতিষ্ঠিত হয়েছে। এই বিশাল সমুদ্র এলাকার সম্পদ আহরণে সরকার নানা উদ্যোগ নিয়েছে।

অন্যতম উৎস হিসেবে বিবেচনা করা হয়। সমুদ্র অর্থনীতির সম্ভাবনা কাজে লাগাতে হলে দক্ষ জনশক্তি গড়ে তুলতে হবে। প্রধানমন্ত্রী শেখ হাসিনার নেতৃত্বে ২০১২ সালে মিয়ানমার এবং ২০১৪ সালে ভারতের সঙ্গে সমুদ্রসীমা বিরোধের শান্তিপূর্ণ নিষ্পত্তি হয়েছে। এর ফলে বঙ্গোপসাগরে বিশাল এলাকায় বাংলাদেশের সার্বভৌম অধিকার প্রতিষ্ঠিত হয়েছে। এই বিশাল সমুদ্র এলাকার সম্পদ আহরণে সরকার নানা উদ্যোগ নিয়েছে।

অন্যতম উৎস হিসেবে বিবেচনা করা হয়। সমুদ্র অর্থনীতির সম্ভাবনা কাজে লাগাতে হলে দক্ষ জনশক্তি গড়ে তুলতে হবে। প্রধানমন্ত্রী শেখ হাসিনার নেতৃত্বে ২০১২ সালে মিয়ানমার এবং ২০১৪ সালে ভারতের সঙ্গে সমুদ্রসীমা বিরোধের শান্তিপূর্ণ নিষ্পত্তি হয়েছে। এর ফলে বঙ্গোপসাগরে বিশাল এলাকায় বাংলাদেশের সার্বভৌম অধিকার প্রতিষ্ঠিত হয়েছে। এই বিশাল সমুদ্র এলাকার সম্পদ আহরণে সরকার নানা উদ্যোগ নিয়েছে।

অন্যতম উৎস হিসেবে বিবেচনা করা হয়। সমুদ্র অর্থনীতির সম্ভাবনা কাজে লাগাতে হলে দক্ষ জনশক্তি গড়ে তুলতে হবে। প্রধানমন্ত্রী শেখ হাসিনার নেতৃত্বে ২০১২ সালে মিয়ানমার এবং ২০১৪ সালে ভারতের সঙ্গে সমুদ্রসীমা বিরোধের শান্তিপূর্ণ নিষ্পত্তি হয়েছে। এর ফলে বঙ্গোপসাগরে বিশাল এলাকায় বাংলাদেশের সার্বভৌম অধিকার প্রতিষ্ঠিত হয়েছে। এই বিশাল সমুদ্র এলাকার সম্পদ আহরণে সরকার নানা উদ্যোগ নিয়েছে।

খালেদা জিয়ার মুক্তির
(প্রথম পৃষ্ঠার পর)

বিএনপির চেয়ারপারসন খালেদা জিয়া দীর্ঘদিন ধরে গুরুতর অসুস্থ। তার উন্নত চিকিৎসার জন্য বিদেশে পাঠানো জরুরি বলে মেডিকেল বোর্ডের চিকিৎসকরা মত দিয়েছেন। নেতারা বলেন, সরকার মানবিক কারণে তাকে বিদেশে চিকিৎসার সুযোগ দিচ্ছে না। অবিলম্বে খালেদা জিয়ার নিঃশর্ত মুক্তি এবং বিদেশে চিকিৎসার অনুমতি দাবি করেন তারা। সভায় দলের সিনিয়র নেতারা উপস্থিত ছিলেন এবং তারা সরকারের কঠোর সমালোচনা করেন।

বিএনপির চেয়ারপারসন খালেদা জিয়া দীর্ঘদিন ধরে গুরুতর অসুস্থ। তার উন্নত চিকিৎসার জন্য বিদেশে পাঠানো জরুরি বলে মেডিকেল বোর্ডের চিকিৎসকরা মত দিয়েছেন। নেতারা বলেন, সরকার মানবিক কারণে তাকে বিদেশে চিকিৎসার সুযোগ দিচ্ছে না। অবিলম্বে খালেদা জিয়ার নিঃশর্ত মুক্তি এবং বিদেশে চিকিৎসার অনুমতি দাবি করেন তারা। সভায় দলের সিনিয়র নেতারা উপস্থিত ছিলেন এবং তারা সরকারের কঠোর সমালোচনা করেন।

বিএনপির চেয়ারপারসন খালেদা জিয়া দীর্ঘদিন ধরে গুরুতর অসুস্থ। তার উন্নত চিকিৎসার জন্য বিদেশে পাঠানো জরুরি বলে মেডিকেল বোর্ডের চিকিৎসকরা মত দিয়েছেন। নেতারা বলেন, সরকার মানবিক কারণে তাকে বিদেশে চিকিৎসার সুযোগ দিচ্ছে না। অবিলম্বে খালেদা জিয়ার নিঃশর্ত মুক্তি এবং বিদেশে চিকিৎসার অনুমতি দাবি করেন তারা। সভায় দলের সিনিয়র নেতারা উপস্থিত ছিলেন এবং তারা সরকারের কঠোর সমালোচনা করেন।

বিএনপির চেয়ারপারসন খালেদা জিয়া দীর্ঘদিন ধরে গুরুতর অসুস্থ। তার উন্নত চিকিৎসার জন্য বিদেশে পাঠানো জরুরি বলে মেডিকেল বোর্ডের চিকিৎসকরা মত দিয়েছেন। নেতারা বলেন, সরকার মানবিক কারণে তাকে বিদেশে চিকিৎসার সুযোগ দিচ্ছে না। অবিলম্বে খালেদা জিয়ার নিঃশর্ত মুক্তি এবং বিদেশে চিকিৎসার অনুমতি দাবি করেন তারা। সভায় দলের সিনিয়র নেতারা উপস্থিত ছিলেন এবং তারা সরকারের কঠোর সমালোচনা করেন।

বিএনপির চেয়ারপারসন খালেদা জিয়া দীর্ঘদিন ধরে গুরুতর অসুস্থ। তার উন্নত চিকিৎসার জন্য বিদেশে পাঠানো জরুরি বলে মেডিকেল বোর্ডের চিকিৎসকরা মত দিয়েছেন। নেতারা বলেন, সরকার মানবিক কারণে তাকে বিদেশে চিকিৎসার সুযোগ দিচ্ছে না। অবিলম্বে খালেদা জিয়ার নিঃশর্ত মুক্তি এবং বিদেশে চিকিৎসার অনুমতি দাবি করেন তারা। সভায় দলের সিনিয়র নেতারা উপস্থিত ছিলেন এবং তারা সরকারের কঠোর সমালোচনা করেন।

বিএনপির চেয়ারপারসন খালেদা জিয়া দীর্ঘদিন ধরে গুরুতর অসুস্থ। তার উন্নত চিকিৎসার জন্য বিদেশে পাঠানো জরুরি বলে মেডিকেল বোর্ডের চিকিৎসকরা মত দিয়েছেন। নেতারা বলেন, সরকার মানবিক কারণে তাকে বিদেশে চিকিৎসার সুযোগ দিচ্ছে না। অবিলম্বে খালেদা জিয়ার নিঃশর্ত মুক্তি এবং বিদেশে চিকিৎসার অনুমতি দাবি করেন তারা। সভায় দলের সিনিয়র নেতারা উপস্থিত ছিলেন এবং তারা সরকারের কঠোর সমালোচনা করেন।

প্রথম ২০ জনে ১৩ জন সহ
জাতীয় মেধায় ১০৭৫ জনের সাফল্য!!!
কর্নিয়া
নার্সিং ভর্তি কোচিং
অফলাইন এবং অনলাইন ব্যাচ
৩০০০/- ছাড়ে ভর্তি চলছে
ফার্মগেট: ০১৭০৮-৫৮৯৯০০
সাভার: ০১৭০৮-৫৮৯৯০১
চট্টগ্রাম: ০১৮১৯-৫৮৯৯০২
সাভার: ০১৭০৮-৫৮৯৯০৩
রাজশাহী: ০১৭০৮-৫৮৯৯০৪
খুলনা: ০১৭০৮-৫৮৯৯০৫
ময়মনসিংহ: ০১৭০৮-৫৮৯৯০৬
রংপুর: ০১৭০৮-৫৮৯৯০৭
নোয়াখালী: ০১৭০৮-৫৮৯৯০৮
বরিশাল: ০১৭০৮-৫৮৯৯০৯
জামালপুর: ০১৭০৮-৫৮৯৯১০
Government of the People's Republic of Bangladesh
Bangladesh Road Transport Authority (BRTA)
New Airport Road, Banani, Dhaka-1212
Invitation for Tenders (IFT)
GOVERNMENT OF THE PEOPLE'S REPUBLIC OF BANGLADESH					
1	Ministry/Division	Road Transport and Highways Division (RTHD)			
2	Agency	Bangladesh Road Transport Authority (BRTA)			
3	Procuring Entity Name	Director (Operation)			
4	Invitation for	Operation, Servicing & Maintenance of Kleemann Brand 3 Nos. 1250kg Passenger Lift and 1 No. 1250kg Goods Lift for 12-Storied BRTA Office Building of Bangladesh Road Transport Authority at Banani, Dhaka-1212 for the period of 36 Months.			
5	Invitation Ref No	35.03.0000.004.45.009.18-151			
6	Date	03 March 2022			
KEY INFORMATION					
7	Procurement Method	OTM (National)			
FUNDING INFORMATION					
8	Budget and Source of Funds	Operational/ GOB			
PARTICULAR INFORMATION					
9	Tender Package No.	BRTA/DP/OTM/LIFT/2022-03			
10	Tender Package Name	Operation, Servicing & Maintenance of Kleemann Brand 3 Nos. 1250kg Passenger Lift and 1 No. 1250kg Goods Lift.			
11	Tender Publication Date	06 March 2022			
12	Tender Last Selling Date	21 March 2022 Up to 4.00 PM			
		Date		Time	
13	Tender Closing Date and Time	22 March 2022		14.00 BST	
14	Tender Opening Date and Time	22 March 2022		15.00 BST	
15	Name & Address of the office(s)				
16	-Selling Tender Document (Principal)	Accounts Officer, Account Section, BRTA HQ, BRTA Bhaban, 6th Floor, North Block, Banani, Dhaka-1212			
NO CONDITIONS APPLY FOR SALE, PURCHASE OR DISTRIBUTION OF TENDER DOCUMENTS					
17	- Receiving Tender Document	Director (Operation), BRTA HQ, BRTA Bhaban, 9th Floor (Room-1001), South Block, Banani, Dhaka-1212			
18	- Opening Tender Document	Deputy Director (Finance), BRTA HQ, BRTA Bhaban, 6th Floor (Room-709), North Block, Banani, Dhaka-1212			
		Date: 22 March 2022		Time: 15.00 BST	
INFORMATION FOR TENDERER					
19	Eligibility of Tenderer	- The minimum number of years of general experience of the Tenderer in contracting industries in public sector as Prime Contractor/Sub Contractor/Management Contractor shall be 10 (Ten) years. - The minimum specific experience as a Prime Contractor in providing Operation, Maintenance, Servicing of Kleemann Brand lift at Govt./ Autonomous Offices completed with a value of at least Tk. 16 (Sixteen) lac under a single contract within last three (03) year shall be required. Years counting backward from the date of publication of the IFT. -Others are as described in tenders document.			
21	Brief Description of Services	1) Monthly servicing and maintenance for 3 (Three) years or 36 Months of Kleemann Brand 3 Nos. 1250kg Passenger Lift and 1 No. 1250kg Goods Lift (12-Stops-2 Lifts and 14-Stops-2 Lifts) lift work as cleaning, checking, trouble shooting, balancing, greasing, oiling (fixing of the spare etc. as required for trouble free operation of lifts. 2) Providing 3 (Three) Nos. Lift Operator/ Attendant for 3 (Three) years or 36 Months for operating the lifts (8 hours per person as roster duty) as per lift operation manual and as per direction of the Director (Operation), BRTA, Banani, Dhaka or authorized representative of Director (Operation), BRTA.			
22	Price of Tender Document (Tk.)	1,000/- (One Thousand) only to be deposited in favor of Chairman, BRTA in Bangladesh Bank through Treasury chalan in the code: 1-5043-0000-2366			
	Lot No	Identification of Lot	Location	Tender Security Amount (Tk)	Completion Time in Weeks / Months
23	1	Operation, Servicing & Maintenance of Kleemann Brand 3 Nos. 1250kg Passenger Lift and 1 No. 1250kg Goods Lift	BRTA Head Office	BDT Tk. 90 (Ninety) Thousand.	36 Months
Purchaser DETAILS					
24	Name of Official Inviting Tender	Md. Lokman Hossain Mollah			
25	Designation of Official Inviting Tender	Director (Operation)			
26	Address of Official Inviting Tender	BRTA HQ, BRTA Bhaban, 9th Floor (Room-1001), South Block, Banani, Dhaka-1212			
27	Contact details of Official Inviting Tender	Telephone No. +880255040717	Fax No. +880255040712		E-mail: do@brta.gov.bd
28	The Purchaser reserves the right to reject all tenders or annul the Tender proceedings at any time.				
জি-ডি-৩/২২ (১০'' x ৮)
✍
Director (Operation)
Phone: +88-02-55040717
The Government of Peoples Republic of Bangladesh
Office of the Principal
Panchagarh Govt.Technical School and College
Panchagarh.
www.panchagarhtsc.edu.bd
E-mail: panchagarhtsc@gmail.com
Reference No. 57.03.7700.503.01.001.2021-22.88	Date: 03/03/2022.
e- GP Tender Notice
e-Tender is invited in the National e-GP system portal (http://www.eprocure.gov.bd) for the procurement of goods:
Tender ID	Package No.	Name of Package Description	Last Selling Date & Time	Closing Date & Time	Opening Date & Time
668494	PTSC/PGR/e_GP/ GD_003/2021_22	Procurement of Raw Material & Spare Parts for Electronics, IT Support IOT, Apparel Manufacturing Basics and General Electrical Works Trade	21/03/2022 Time: 5:00 pm	22/03/2022 Time: 13:00 pm	22/03/2022 Time: 13:00 pm
668599	PTSC/PGR/e_GP/ GD_004/2021_22	Supply & Installation Engineering & Others Equipment	21/03/2022 Time: 5:00 pm	22/03/2022 Time: 13:15 pm	22/03/2022 Time: 13:15 pm
668605	PTSC/PGR/e_GP/ GD_005/2021_22	Supply & Installation Teaching Learning Materials	21/03/2022 Time: 5:00 pm	22/03/2022 Time: 13:30 pm	22/03/2022 Time: 13:30 pm
This is an Online Tender, where only e-Tender will be accepted in the e-GP Portal and offline/hard copies will be not accepted. To submit e-Tender, registration in the National e-GP system portal (http://www.eprocure.gov.bd) is required. Further information and guidelines are available in the National e-GP system portal and from e-GP helpdesk (helpdesk@eprocure.gov.bd).
03.03.2022
(Abdul Matin Dali)
Principal (In-Charge)
Panchagarh Technical School & College
Panchagarh-5000.
জি-ডি-৩২ (৫' x ৪)
